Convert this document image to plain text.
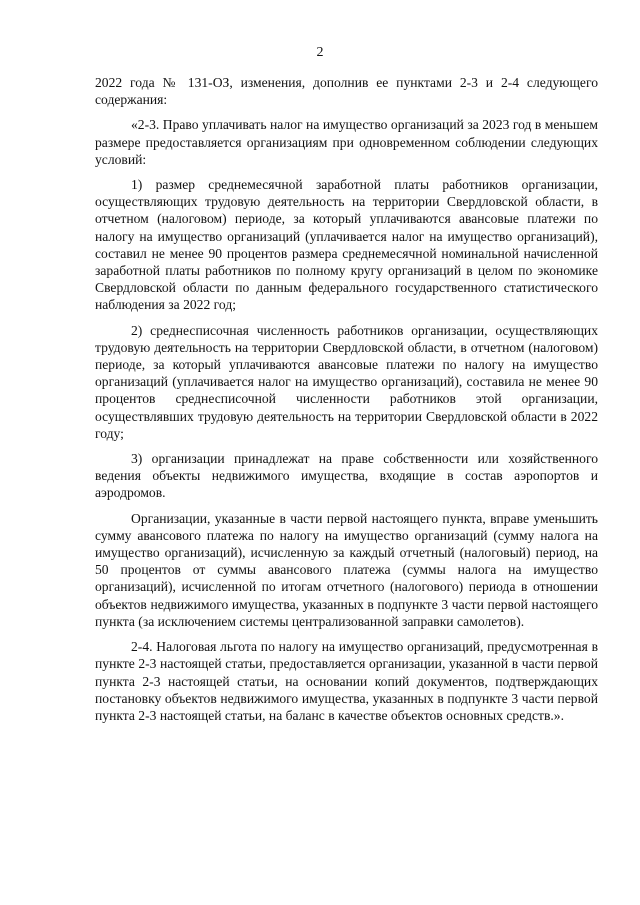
2

2022 года № 131-ОЗ, изменения, дополнив ее пунктами 2-3 и 2-4 следующего содержания:

«2-3. Право уплачивать налог на имущество организаций за 2023 год в меньшем размере предоставляется организациям при одновременном соблюдении следующих условий:

1) размер среднемесячной заработной платы работников организации, осуществляющих трудовую деятельность на территории Свердловской области, в отчетном (налоговом) периоде, за который уплачиваются авансовые платежи по налогу на имущество организаций (уплачивается налог на имущество организаций), составил не менее 90 процентов размера среднемесячной номинальной начисленной заработной платы работников по полному кругу организаций в целом по экономике Свердловской области по данным федерального государственного статистического наблюдения за 2022 год;

2) среднесписочная численность работников организации, осуществляющих трудовую деятельность на территории Свердловской области, в отчетном (налоговом) периоде, за который уплачиваются авансовые платежи по налогу на имущество организаций (уплачивается налог на имущество организаций), составила не менее 90 процентов среднесписочной численности работников этой организации, осуществлявших трудовую деятельность на территории Свердловской области в 2022 году;

3) организации принадлежат на праве собственности или хозяйственного ведения объекты недвижимого имущества, входящие в состав аэропортов и аэродромов.

Организации, указанные в части первой настоящего пункта, вправе уменьшить сумму авансового платежа по налогу на имущество организаций (сумму налога на имущество организаций), исчисленную за каждый отчетный (налоговый) период, на 50 процентов от суммы авансового платежа (суммы налога на имущество организаций), исчисленной по итогам отчетного (налогового) периода в отношении объектов недвижимого имущества, указанных в подпункте 3 части первой настоящего пункта (за исключением системы централизованной заправки самолетов).

2-4. Налоговая льгота по налогу на имущество организаций, предусмотренная в пункте 2-3 настоящей статьи, предоставляется организации, указанной в части первой пункта 2-3 настоящей статьи, на основании копий документов, подтверждающих постановку объектов недвижимого имущества, указанных в подпункте 3 части первой пункта 2-3 настоящей статьи, на баланс в качестве объектов основных средств.».
